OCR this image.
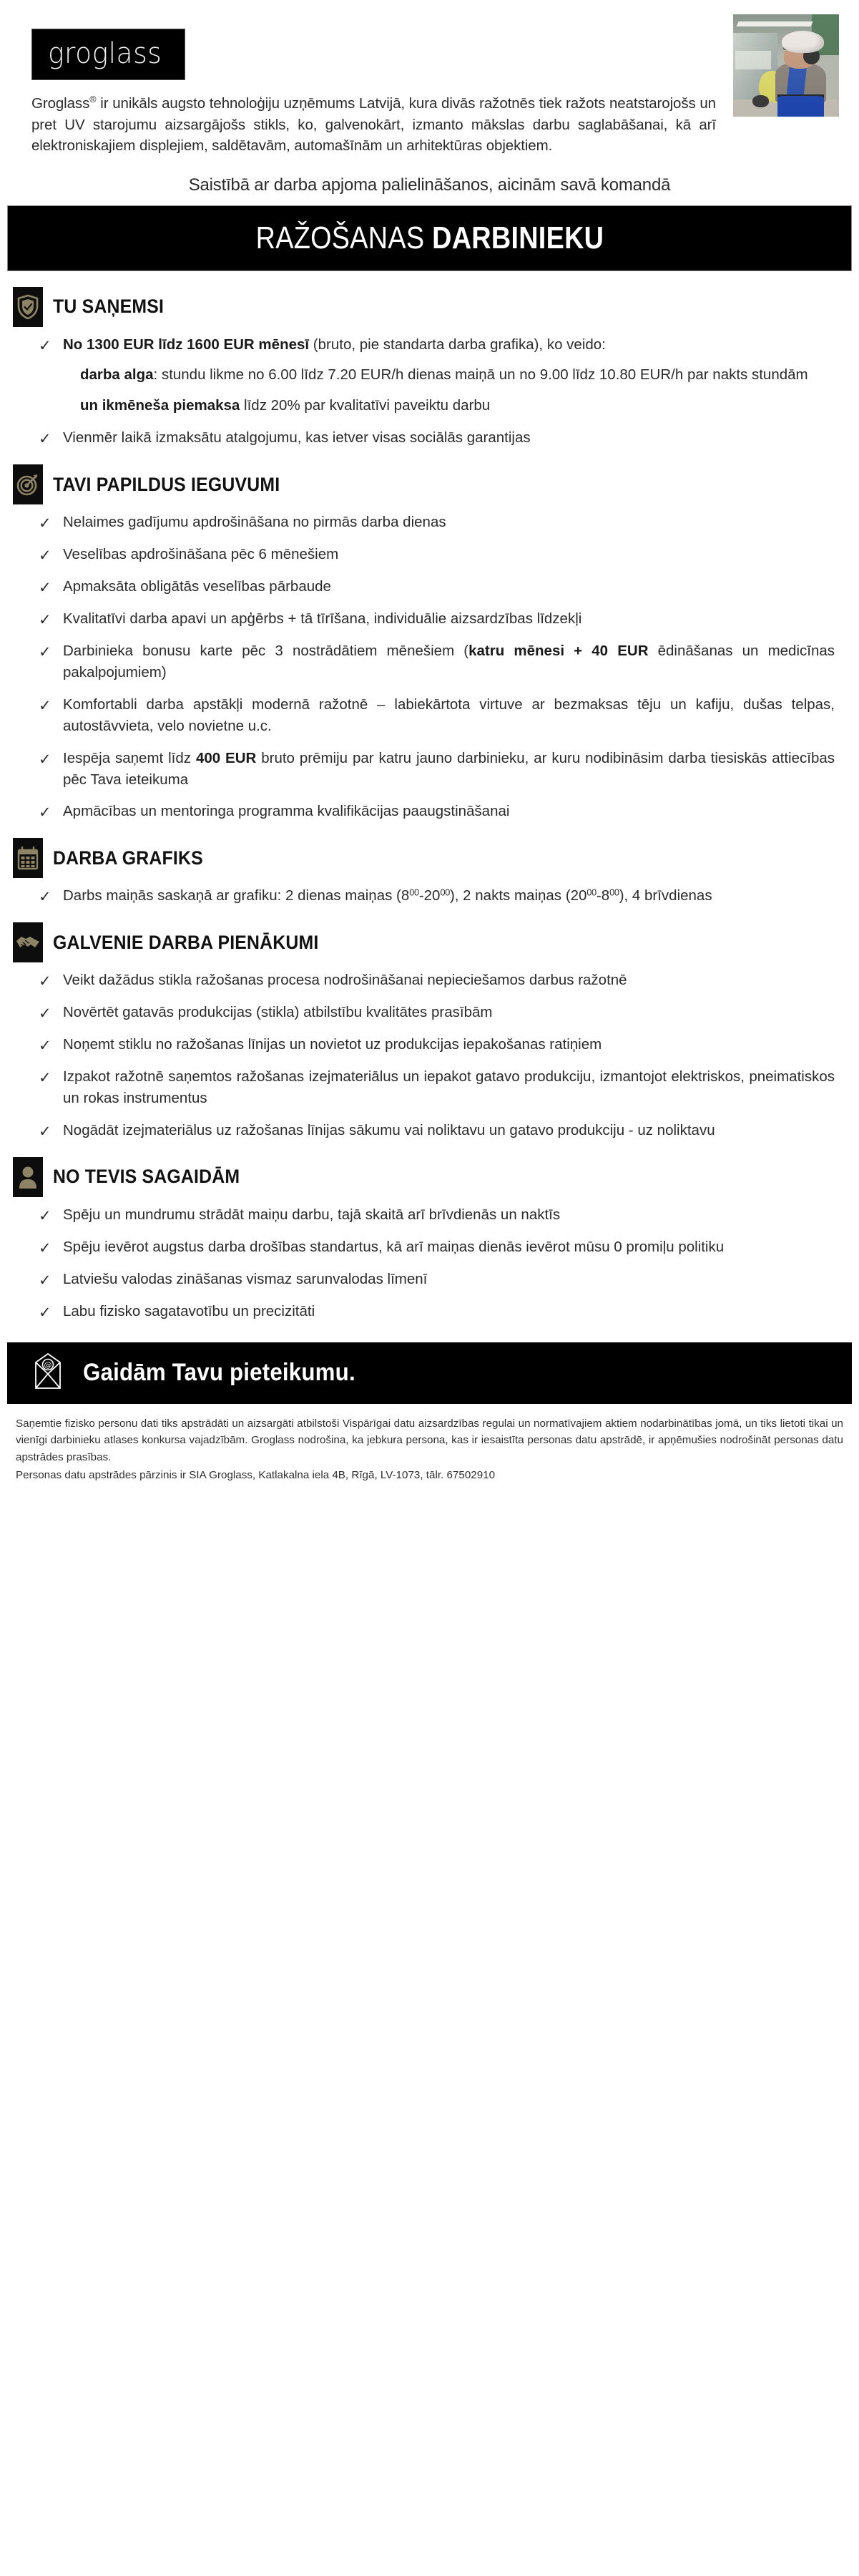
groglass

Groglass® ir unikāls augsto tehnoloģiju uzņēmums Latvijā, kura divās ražotnēs tiek ražots neatstarojošs un pret UV starojumu aizsargājošs stikls, ko, galvenokārt, izmanto mākslas darbu saglabāšanai, kā arī elektroniskajiem displejiem, saldētavām, automašīnām un arhitektūras objektiem.

Saistībā ar darba apjoma palielināšanos, aicinām savā komandā
RAŽOŠANAS DARBINIEKU
TU SAŅEMSI
✓ No 1300 EUR līdz 1600 EUR mēnesī (bruto, pie standarta darba grafika), ko veido:
darba alga: stundu likme no 6.00 līdz 7.20 EUR/h dienas maiņā un no 9.00 līdz 10.80 EUR/h par nakts stundām
un ikmēneša piemaksa līdz 20% par kvalitatīvi paveiktu darbu
✓ Vienmēr laikā izmaksātu atalgojumu, kas ietver visas sociālās garantijas
TAVI PAPILDUS IEGUVUMI
✓ Nelaimes gadījumu apdrošināšana no pirmās darba dienas
✓ Veselības apdrošināšana pēc 6 mēnešiem
✓ Apmaksāta obligātās veselības pārbaude
✓ Kvalitatīvi darba apavi un apģērbs + tā tīrīšana, individuālie aizsardzības līdzekļi
✓ Darbinieka bonusu karte pēc 3 nostrādātiem mēnešiem (katru mēnesi + 40 EUR ēdināšanas un medicīnas pakalpojumiem)
✓ Komfortabli darba apstākļi modernā ražotnē – labiekārtota virtuve ar bezmaksas tēju un kafiju, dušas telpas, autostāvvieta, velo novietne u.c.
✓ Iespēja saņemt līdz 400 EUR bruto prēmiju par katru jauno darbinieku, ar kuru nodibināsim darba tiesiskās attiecības pēc Tava ieteikuma
✓ Apmācības un mentoringa programma kvalifikācijas paaugstināšanai
DARBA GRAFIKS
✓ Darbs maiņās saskaņā ar grafiku: 2 dienas maiņas $(8^{00}-20^{00})$, 2 nakts maiņas $(20^{00}-8^{00})$, 4 brīvdienas
GALVENIE DARBA PIENĀKUMI
✓ Veikt dažādus stikla ražošanas procesa nodrošināšanai nepieciešamos darbus ražotnē
✓ Novērtēt gatavās produkcijas (stikla) atbilstību kvalitātes prasībām
✓ Noņemt stiklu no ražošanas līnijas un novietot uz produkcijas iepakošanas ratiņiem
✓ Izpakot ražotnē saņemtos ražošanas izejmateriālus un iepakot gatavo produkciju, izmantojot elektriskos, pneimatiskos un rokas instrumentus
✓ Nogādāt izejmateriālus uz ražošanas līnijas sākumu vai noliktavu un gatavo produkciju - uz noliktavu
NO TEVIS SAGAIDĀM
✓ Spēju un mundrumu strādāt maiņu darbu, tajā skaitā arī brīvdienās un naktīs
✓ Spēju ievērot augstus darba drošības standartus, kā arī maiņas dienās ievērot mūsu 0 promiļu politiku
✓ Latviešu valodas zināšanas vismaz sarunvalodas līmenī
✓ Labu fizisko sagatavotību un precizitāti
@ Gaidām Tavu pieteikumu.

Saņemtie fizisko personu dati tiks apstrādāti un aizsargāti atbilstoši Vispārīgai datu aizsardzības regulai un normatīvajiem aktiem nodarbinātības jomā, un tiks lietoti tikai un vienīgi darbinieku atlases konkursa vajadzībām. Groglass nodrošina, ka jebkura persona, kas ir iesaistīta personas datu apstrādē, ir apņēmušies nodrošināt personas datu apstrādes prasības.

Personas datu apstrādes pārzinis ir SIA Groglass, Katlakalna iela 4B, Rīgā, LV-1073, tālr. 67502910
